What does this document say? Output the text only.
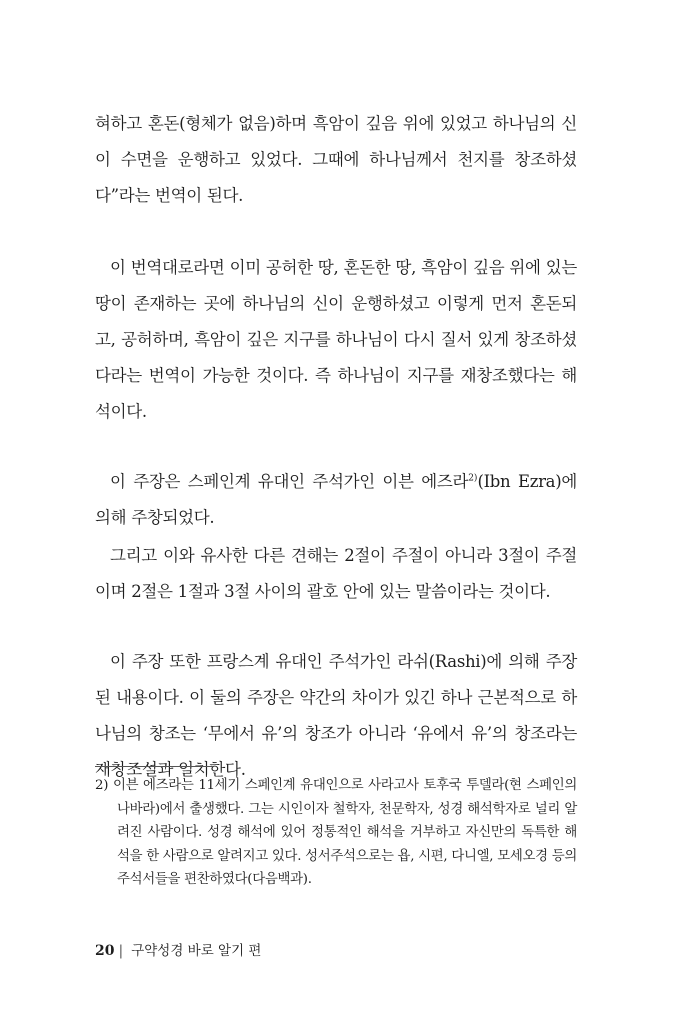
혀하고 혼돈(형체가 없음)하며 흑암이 깊음 위에 있었고 하나님의 신이 수면을 운행하고 있었다. 그때에 하나님께서 천지를 창조하셨다”라는 번역이 된다.

이 번역대로라면 이미 공허한 땅, 혼돈한 땅, 흑암이 깊음 위에 있는 땅이 존재하는 곳에 하나님의 신이 운행하셨고 이렇게 먼저 혼돈되고, 공허하며, 흑암이 깊은 지구를 하나님이 다시 질서 있게 창조하셨다라는 번역이 가능한 것이다. 즉 하나님이 지구를 재창조했다는 해석이다.

이 주장은 스페인계 유대인 주석가인 이븐 에즈라$^{2)}$(Ibn Ezra)에 의해 주창되었다.

그리고 이와 유사한 다른 견해는 2절이 주절이 아니라 3절이 주절이며 2절은 1절과 3절 사이의 괄호 안에 있는 말씀이라는 것이다.

이 주장 또한 프랑스계 유대인 주석가인 라쉬(Rashi)에 의해 주장된 내용이다. 이 둘의 주장은 약간의 차이가 있긴 하나 근본적으로 하나님의 창조는 ‘무에서 유’의 창조가 아니라 ‘유에서 유’의 창조라는 재창조설과 일치한다.

2) 이븐 에즈라는 11세기 스페인계 유대인으로 사라고사 토후국 투델라(현 스페인의 나바라)에서 출생했다. 그는 시인이자 철학자, 천문학자, 성경 해석학자로 널리 알려진 사람이다. 성경 해석에 있어 정통적인 해석을 거부하고 자신만의 독특한 해석을 한 사람으로 알려지고 있다. 성서주석으로는 욥, 시편, 다니엘, 모세오경 등의 주석서들을 편찬하였다(다음백과).

20 | 구약성경 바로 알기 편
